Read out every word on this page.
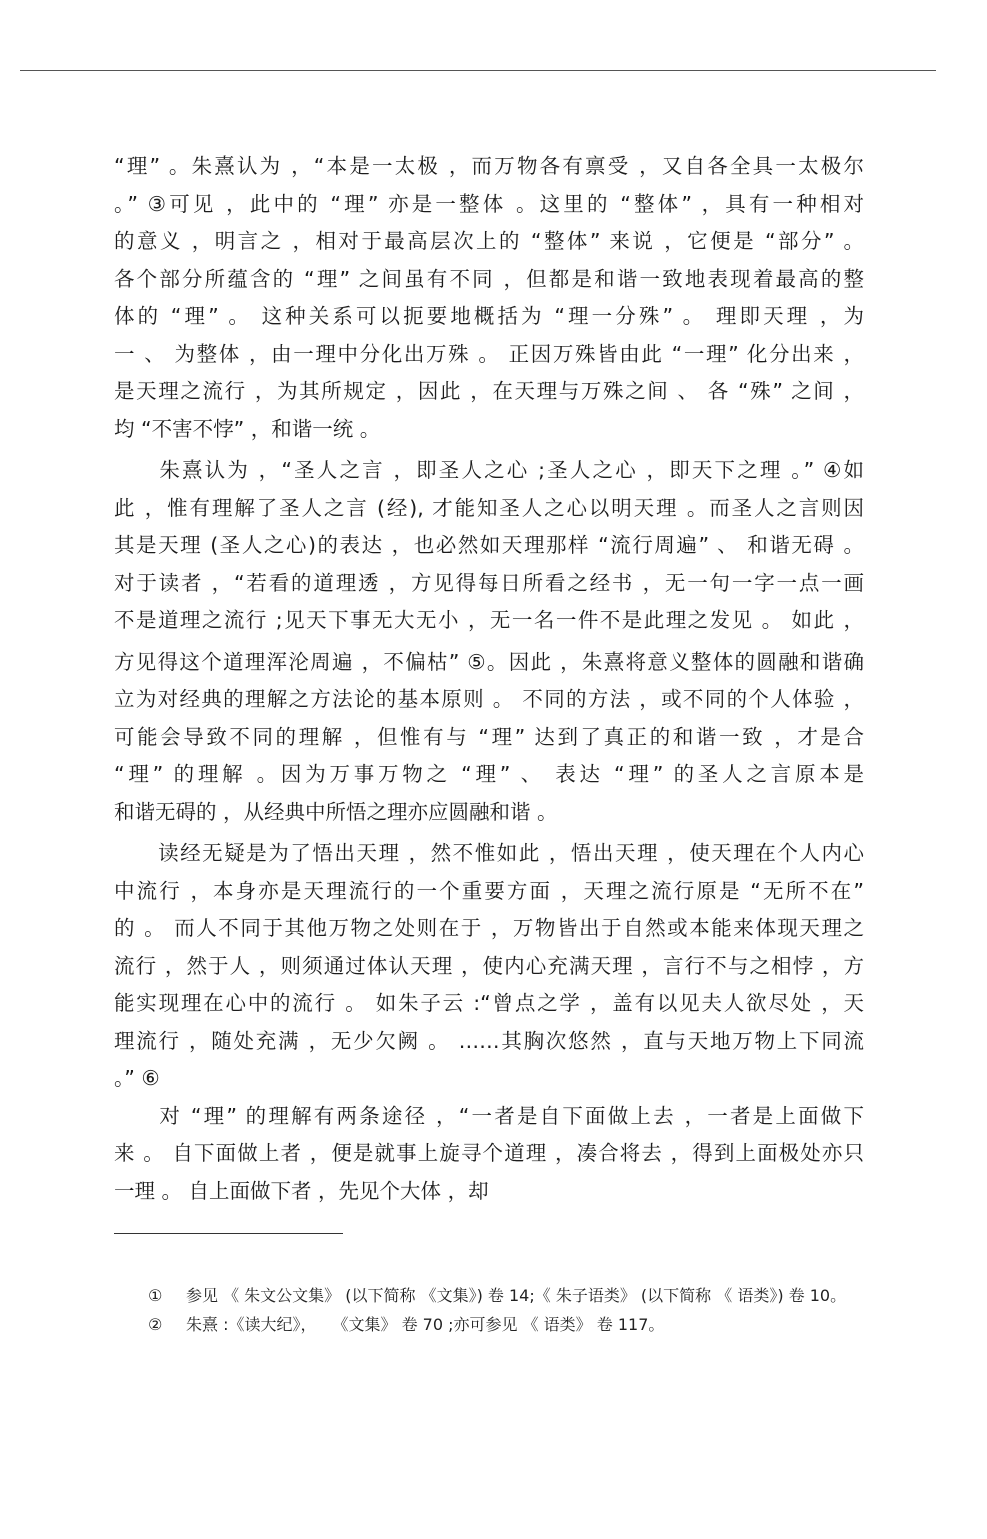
“理” 。朱熹认为 ，“本是一太极 ，而万物各有禀受 ，又自各全具一太极尔
。” ③可见 ，此中的 “理” 亦是一整体 。这里的 “整体” ，具有一种相对
的意义 ，明言之 ，相对于最高层次上的 “整体” 来说 ，它便是 “部分” 。
各个部分所蕴含的 “理” 之间虽有不同 ，但都是和谐一致地表现着最高的整
体的 “理” 。 这种关系可以扼要地概括为 “理一分殊” 。 理即天理 ，为
一 、 为整体 ，由一理中分化出万殊 。 正因万殊皆由此 “一理” 化分出来 ，
是天理之流行 ，为其所规定 ，因此 ，在天理与万殊之间 、 各 “殊” 之间 ，
均 “不害不悖” ，和谐一统 。
　　朱熹认为 ，“圣人之言 ，即圣人之心 ;圣人之心 ，即天下之理 。” ④如
此 ，惟有理解了圣人之言 (经), 才能知圣人之心以明天理 。而圣人之言则因
其是天理 (圣人之心)的表达 ，也必然如天理那样 “流行周遍” 、 和谐无碍 。
对于读者 ，“若看的道理透 ，方见得每日所看之经书 ，无一句一字一点一画
不是道理之流行 ;见天下事无大无小 ，无一名一件不是此理之发见 。 如此 ，
方见得这个道理浑沦周遍 ，不偏枯” ⑤。因此 ，朱熹将意义整体的圆融和谐确
立为对经典的理解之方法论的基本原则 。 不同的方法 ，或不同的个人体验 ，
可能会导致不同的理解 ，但惟有与 “理” 达到了真正的和谐一致 ，才是合
“理” 的理解 。因为万事万物之 “理” 、 表达 “理” 的圣人之言原本是
和谐无碍的 ，从经典中所悟之理亦应圆融和谐 。
　　读经无疑是为了悟出天理 ，然不惟如此 ，悟出天理 ，使天理在个人内心
中流行 ，本身亦是天理流行的一个重要方面 ，天理之流行原是 “无所不在”
的 。 而人不同于其他万物之处则在于 ，万物皆出于自然或本能来体现天理之
流行 ，然于人 ，则须通过体认天理 ，使内心充满天理 ，言行不与之相悖 ，方
能实现理在心中的流行 。 如朱子云 :“曾点之学 ，盖有以见夫人欲尽处 ，天
理流行 ，随处充满 ，无少欠阙 。 ……其胸次悠然 ，直与天地万物上下同流
。” ⑥
　　对 “理” 的理解有两条途径 ，“一者是自下面做上去 ，一者是上面做下
来 。 自下面做上者 ，便是就事上旋寻个道理 ，凑合将去 ，得到上面极处亦只
一理 。 自上面做下者 ，先见个大体 ，却
①	参见 《 朱文公文集》 (以下简称 《文集》) 卷 14;《 朱子语类》 (以下简称 《 语类》) 卷 10。
②	朱熹 :《读大纪》，　　《文集》 卷 70 ;亦可参见 《 语类》 卷 117。
